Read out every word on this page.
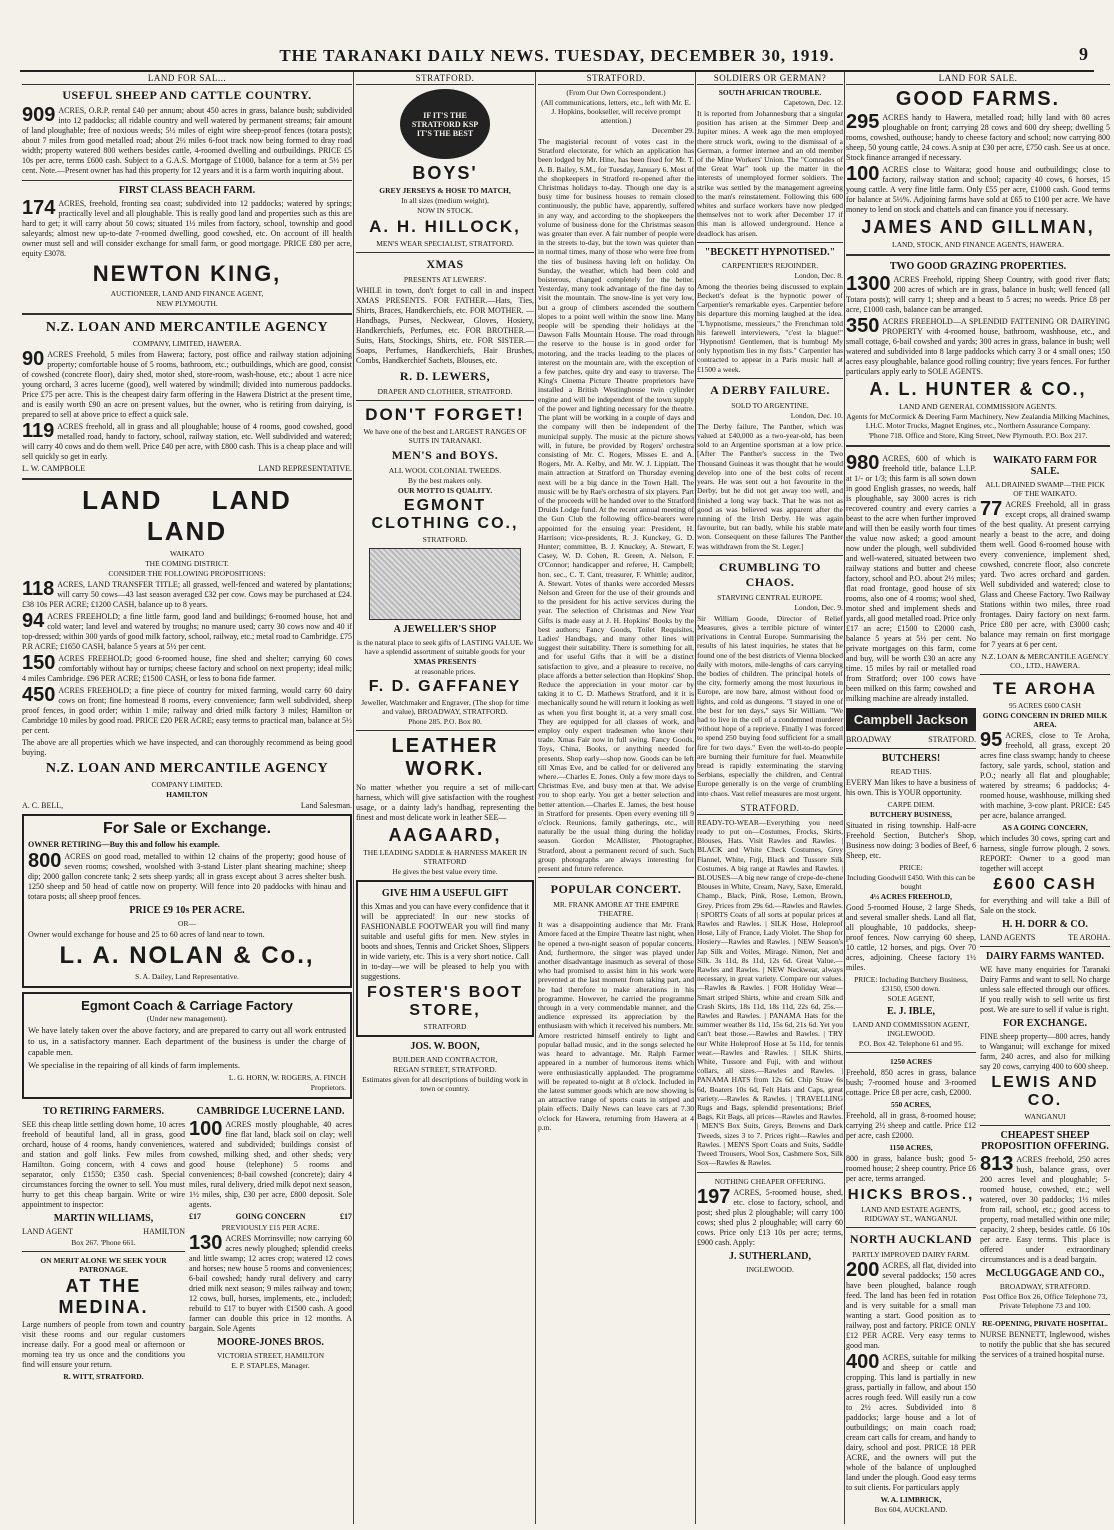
THE TARANAKI DAILY NEWS. TUESDAY, DECEMBER 30, 1919.	9
LAND FOR SAL...
USEFUL SHEEP AND CATTLE COUNTRY.
909 ACRES, O.R.P. rental £40 per annum; about 450 acres in grass, balance bush; subdivided into 12 paddocks; all ridable country and well watered by permanent streams; fair amount of land ploughable; free of noxious weeds; 5½ miles of eight wire sheep-proof fences (totara posts); about 7 miles from good metalled road; about 2½ miles 6-foot track now being formed to dray road width; property watered 800 wethers besides cattle, 4-roomed dwelling and outbuildings. PRICE £5 10s per acre, terms £600 cash. Subject to a G.A.S. Mortgage of £1000, balance for a term at 5½ per cent. Note.—Present owner has had this property for 12 years and it is a farm worth inquiring about.
FIRST CLASS BEACH FARM.
174 ACRES, freehold, fronting sea coast; subdivided into 12 paddocks; watered by springs; practically level and all ploughable. This is really good land and properties such as this are hard to get; it will carry about 50 cows; situated 1½ miles from factory, school, township and good saleyards; almost new up-to-date 7-roomed dwelling, good cowshed, etc. On account of ill health owner must sell and will consider exchange for small farm, or good mortgage. PRICE £80 per acre, equity £3078.
NEWTON KING,
AUCTIONEER, LAND AND FINANCE AGENT,
NEW PLYMOUTH.
N.Z. LOAN AND MERCANTILE AGENCY
COMPANY, LIMITED, HAWERA.
90 ACRES Freehold, 5 miles from Hawera; factory, post office and railway station adjoining property; comfortable house of 5 rooms, bathroom, etc.; outbuildings, which are good, consist of cowshed (concrete floor), dairy shed, motor shed, store-room, wash-house, etc.; about 1 acre nice young orchard, 3 acres lucerne (good), well watered by windmill; divided into numerous paddocks. Price £75 per acre. This is the cheapest dairy farm offering in the Hawera District at the present time, and is easily worth £90 an acre on present values, but the owner, who is retiring from dairying, is prepared to sell at above price to effect a quick sale.
119 ACRES freehold, all in grass and all ploughable; house of 4 rooms, good cowshed, good metalled road, handy to factory, school, railway station, etc. Well subdivided and watered; will carry 40 cows and do them well. Price £40 per acre, with £800 cash. This is a cheap place and will sell quickly so get in early.
L. W. CAMPBOLE	LAND REPRESENTATIVE.
LAND LAND LAND
WAIKATO
THE COMING DISTRICT.
CONSIDER THE FOLLOWING PROPOSITIONS:
118 ACRES, LAND TRANSFER TITLE; all grassed, well-fenced and watered by plantations; will carry 50 cows—43 last season averaged £32 per cow. Cows may be purchased at £24. £38 10s PER ACRE; £1200 CASH, balance up to 8 years.
94 ACRES FREEHOLD; a fine little farm, good land and buildings; 6-roomed house, hot and cold water; land level and watered by troughs; no manure used; carry 30 cows now and 40 if top-dressed; within 300 yards of good milk factory, school, railway, etc.; metal road to Cambridge. £75 P.R ACRE; £1650 CASH, balance 5 years at 5½ per cent.
150 ACRES FREEHOLD; good 6-roomed house, fine shed and shelter; carrying 60 cows comfortably without hay or turnips; cheese factory and school on next property; ideal milk; 4 miles Cambridge. £96 PER ACRE; £1500 CASH, or less to bona fide farmer.
450 ACRES FREEHOLD; a fine piece of country for mixed farming, would carry 60 dairy cows on front; fine homestead 8 rooms, every convenience; farm well subdivided, sheep proof fences, in good order; within 1 mile; railway and dried milk factory 3 miles; Hamilton or Cambridge 10 miles by good road. PRICE £20 PER ACRE; easy terms to practical man, balance at 5½ per cent.
The above are all properties which we have inspected, and can thoroughly recommend as being good buying.
N.Z. LOAN AND MERCANTILE AGENCY
COMPANY LIMITED.
HAMILTON
A. C. BELL,	Land Salesman.
For Sale or Exchange.
OWNER RETIRING—Buy this and follow his example.
800 ACRES on good road, metalled to within 12 chains of the property; good house of seven rooms; cowshed, woolshed with 3-stand Lister plant shearing machine; sheep dip; 2000 gallon concrete tank; 2 sets sheep yards; all in grass except about 3 acres shelter bush. 1250 sheep and 50 head of cattle now on property. Will fence into 20 paddocks with hinau and totara posts; all sheep proof fences.
PRICE £9 10s PER ACRE.
OR—
Owner would exchange for house and 25 to 60 acres of land near to town.
L. A. NOLAN & Co.,
S. A. Dailey, Land Representative.
Egmont Coach & Carriage Factory
(Under new management).
We have lately taken over the above factory, and are prepared to carry out all work entrusted to us, in a satisfactory manner. Each department of the business is under the charge of capable men.
We specialise in the repairing of all kinds of farm implements.
L. G. HORN, W. ROGERS, A. FINCH
Proprietors.
TO RETIRING FARMERS.
SEE this cheap little settling down home, 10 acres freehold of beautiful land, all in grass, good orchard, house of 4 rooms, handy conveniences, and station and golf links. Few miles from Hamilton. Going concern, with 4 cows and separator, only £1550; £350 cash. Special circumstances forcing the owner to sell. You must hurry to get this cheap bargain. Write or wire appointment to inspector:
MARTIN WILLIAMS,
LAND AGENT	HAMILTON
Box 267. 'Phone 661.
ON MERIT ALONE WE SEEK YOUR PATRONAGE.
AT THE MEDINA.
Large numbers of people from town and country visit these rooms and our regular customers increase daily. For a good meal or afternoon or morning tea try us once and the conditions you find will ensure your return.
R. WITT, STRATFORD.
CAMBRIDGE LUCERNE LAND.
100 ACRES mostly ploughable, 40 acres fine flat land, black soil on clay; well watered and subdivided; buildings consist of cowshed, milking shed, and other sheds; very good house (telephone) 5 rooms and conveniences; 8-bail cowshed (concrete); dairy 4 miles, rural delivery, dried milk depot next season, 1½ miles, ship, £30 per acre, £800 deposit. Sole agents.
£17	GOING CONCERN	£17
PREVIOUSLY £15 PER ACRE.
130 ACRES Morrinsville; now carrying 60 acres newly ploughed; splendid creeks and little swamp; 12 acres crop; watered 12 cows and horses; new house 5 rooms and conveniences; 6-bail cowshed; handy rural delivery and carry dried milk next season; 9 miles railway and town; 12 cows, bull, horses, implements, etc., included; rebuild to £17 to buyer with £1500 cash. A good farmer can double this price in 12 months. A bargain. Sole Agents
MOORE-JONES BROS.
VICTORIA STREET, HAMILTON
E. P. STAPLES, Manager.
STRATFORD.
IF IT'S THE STRATFORD KSP IT'S THE BEST
BOYS'
GREY JERSEYS & HOSE TO MATCH,
In all sizes (medium weight),
NOW IN STOCK.
A. H. HILLOCK,
MEN'S WEAR SPECIALIST, STRATFORD.
XMAS
PRESENTS AT LEWERS'.
WHILE in town, don't forget to call in and inspect XMAS PRESENTS. FOR FATHER.—Hats, Ties, Shirts, Braces, Handkerchiefs, etc. FOR MOTHER. — Handbags, Purses, Neckwear, Gloves, Hosiery, Handkerchiefs, Perfumes, etc. FOR BROTHER.—Suits, Hats, Stockings, Shirts, etc. FOR SISTER.—Soaps, Perfumes, Handkerchiefs, Hair Brushes, Combs, Handkerchief Sachets, Blouses, etc.
R. D. LEWERS,
DRAPER AND CLOTHIER, STRATFORD.
DON'T FORGET!
We have one of the best and LARGEST RANGES OF SUITS IN TARANAKI.
MEN'S and BOYS.
ALL WOOL COLONIAL TWEEDS.
By the best makers only.
OUR MOTTO IS QUALITY.
EGMONT CLOTHING CO.,
STRATFORD.
A JEWELLER'S SHOP
is the natural place to seek gifts of LASTING VALUE. We have a splendid assortment of suitable goods for your
XMAS PRESENTS
at reasonable prices.
F. D. GAFFANEY
Jeweller, Watchmaker and Engraver, (The shop for time and value), BROADWAY, STRATFORD.
Phone 285. P.O. Box 80.
LEATHER WORK.
No matter whether you require a set of milk-cart harness, which will give satisfaction with the roughest usage, or a dainty lady's handbag, representing the finest and most delicate work in leather SEE—
AAGAARD,
THE LEADING SADDLE & HARNESS MAKER IN STRATFORD
He gives the best value every time.
GIVE HIM A USEFUL GIFT
this Xmas and you can have every confidence that it will be appreciated! In our new stocks of FASHIONABLE FOOTWEAR you will find many suitable and useful gifts for men. New styles in boots and shoes, Tennis and Cricket Shoes, Slippers in wide variety, etc. This is a very short notice. Call in to-day—we will be pleased to help you with suggestions.
FOSTER'S BOOT STORE,
STRATFORD
JOS. W. BOON,
BUILDER AND CONTRACTOR,
REGAN STREET, STRATFORD.
Estimates given for all descriptions of building work in town or country.
STRATFORD.
(From Our Own Correspondent.)
(All communications, letters, etc., left with Mr. E. J. Hopkins, bookseller, will receive prompt attention.)
December 29.
The magisterial recount of votes cast in the Stratford electorate, for which an application has been lodged by Mr. Hine, has been fixed for Mr. T. A. B. Bailey, S.M., for Tuesday, January 6. Most of the shopkeepers in Stratford re-opened after the Christmas holidays to-day. Though one day is a busy time for business houses to remain closed continuously, the public have, apparently, suffered in any way, and according to the shopkeepers the volume of business done for the Christmas season was greater than ever. A fair number of people were in the streets to-day, but the town was quieter than in normal times, many of those who were free from the ties of business having left on holiday. On Sunday, the weather, which had been cold and boisterous, changed completely for the better. Yesterday, many took advantage of the fine day to visit the mountain. The snow-line is yet very low, but a group of climbers ascended the southern slopes to a point well within the snow line. Many people will be spending their holidays at the Dawson Falls Mountain House. The road through the reserve to the house is in good order for motoring, and the tracks leading to the places of interest on the mountain are, with the exception of a few patches, quite dry and easy to traverse. The King's Cinema Picture Theatre proprietors have installed a British Westinghouse twin cylinder engine and will be independent of the town supply of the power and lighting necessary for the theatre. The plant will be working in a couple of days and the company will then be independent of the municipal supply. The music at the picture shows will, in future, be provided by Rogers' orchestra consisting of Mr. C. Rogers, Misses E. and A. Rogers, Mr. A. Kelby, and Mr. W. J. Lippiatt. The main attraction at Stratford on Thursday evening next will be a big dance in the Town Hall. The music will be by Rae's orchestra of six players. Part of the proceeds will be handed over to the Stratford Druids Lodge fund. At the recent annual meeting of the Gun Club the following office-bearers were appointed for the ensuing year: President, H. Harrison; vice-presidents, R. J. Kunckey, G. D. Hunter; committee, B. J. Knuckey, A. Stewart, F. Casey, W. D. Cohen, R. Green, A. Nelson, F. O'Connor; handicapper and referee, H. Campbell; hon. sec., C. T. Cant, treasurer, F. Whittle; auditor, A. Stewart. Votes of thanks were accorded Messrs Nelson and Green for the use of their grounds and to the president for his active services during the year. The selection of Christmas and New Year Gifts is made easy at J. H. Hopkins' Books by the best authors; Fancy Goods, Toilet Requisites, Ladies' Handbags, and many other lines will suggest their suitability. There is something for all, and for useful Gifts that it will be a distinct satisfaction to give, and a pleasure to receive, no place affords a better selection than Hopkins' Shop. Reduce the appreciation in your motor car by taking it to C. D. Mathews Stratford, and it it is mechanically sound he will return it looking as well as when you first bought it, at a very small cost. They are equipped for all classes of work, and employ only expert tradesmen who know their trade. Xmas Fair now in full swing. Fancy Goods, Toys, China, Books, or anything needed for presents. Shop early—shop now. Goods can be left till Xmas Eve, and be called for or delivered any where.—Charles E. Jones. Only a few more days to Christmas Eve, and busy men at that. We advise you to shop early. You get a better selection and better attention.—Charles E. James, the best house in Stratford for presents. Open every evening till 9 o'clock. Reunions, family gatherings, etc., will naturally be the usual thing during the holiday season. Gordon McAllister, Photographer, Stratford, about a permanent record of such. Such group photographs are always interesting for present and future reference.
POPULAR CONCERT.
MR. FRANK AMORE AT THE EMPIRE THEATRE.
It was a disappointing audience that Mr. Frank Amore faced at the Empire Theatre last night, when he opened a two-night season of popular concerts. And, furthermore, the singer was played under another disadvantage inasmuch as several of those who had promised to assist him in his work were prevented at the last moment from taking part, and he had therefore to make alterations in his programme. However, he carried the programme through in a very commendable manner, and the audience expressed its appreciation by the enthusiasm with which it received his numbers. Mr. Amore restricted himself entirely to light and popular ballad music, and in the songs selected he was heard to advantage. Mr. Ralph Farmer appeared in a number of humorous items which were enthusiastically applauded. The programme will be repeated to-night at 8 o'clock. Included in the latest summer goods which are now showing is an attractive range of sports coats in striped and plain effects. Daily News can leave cars at 7.30 o'clock for Hawera, returning from Hawera at 4 p.m.
SOLDIERS OR GERMAN?
SOUTH AFRICAN TROUBLE.
Capetown, Dec. 12.
It is reported from Johannesburg that a singular position has arisen at the Simmer Deep and Jupiter mines. A week ago the men employed there struck work, owing to the dismissal of a German, a former internee and an old member of the Mine Workers' Union. The "Comrades of the Great War" took up the matter in the interests of unemployed former soldiers. The strike was settled by the management agreeing to the man's reinstatement. Following this 600 whites and surface workers have now pledged themselves not to work after December 17 if this man is allowed underground. Hence a deadlock has arisen.
"BECKETT HYPNOTISED."
CARPENTIER'S REJOINDER.
London, Dec. 8.
Among the theories being discussed to explain Beckett's defeat is the hypnotic power of Carpentier's remarkable eyes. Carpentier before his departure this morning laughed at the idea. "L'hypnotisme, messieurs," the Frenchman told his farewell interviewers, "c'est la blague!" "Hypnotism! Gentlemen, that is humbug! My only hypnotism lies in my fists." Carpentier has contracted to appear in a Paris music hall at £1500 a week.
A DERBY FAILURE.
SOLD TO ARGENTINE.
London, Dec. 10.
The Derby failure, The Panther, which was valued at £40,000 as a two-year-old, has been sold to an Argentine sportsman at a low price. [After The Panther's success in the Two Thousand Guineas it was thought that he would develop into one of the best colts of recent years. He was sent out a hot favourite in the Derby, but he did not get away too well, and finished a long way back. That he was not as good as was believed was apparent after the running of the Irish Derby. He was again favourite, but ran badly, while his stable mate won. Consequent on these failures The Panther was withdrawn from the St. Leger.]
CRUMBLING TO CHAOS.
STARVING CENTRAL EUROPE.
London, Dec. 9.
Sir William Goode, Director of Relief Measures, gives a terrible picture of winter privations in Central Europe. Summarising the results of his latest inquiries, he states that he found one of the best districts of Vienna blocked daily with motors, mile-lengths of cars carrying the bodies of children. The principal hotels of the city, formerly among the most luxurious in Europe, are now bare, almost without food or lights, and cold as dungeons. "I stayed in one of the best for ten days," says Sir William. "We had to live in the cell of a condemned murderer without hope of a reprieve. Finally I was forced to spend 250 buying food sufficient for a small fire for two days." Even the well-to-do people are burning their furniture for fuel. Meanwhile bread is rapidly exterminating the starving Serbians, especially the children, and Central Europe generally is on the verge of crumbling into chaos. Vast relief measures are most urgent.
STRATFORD.
READY-TO-WEAR—Everything you need ready to put on—Costumes, Frocks, Skirts, Blouses, Hats. Visit Rawles and Rawles. | BLACK and White Check Costumes, Grey Flannel, White, Fuji, Black and Tussore Silk Costumes. A big range at Rawles and Rawles. | BLOUSES—A big new range of crepe-de-chene Blouses in White, Cream, Navy, Saxe, Emerald, Champ., Black, Pink, Rose, Lemon, Brown, Grey. Prices from 29s 6d.—Rawles and Rawles. | SPORTS Coats of all sorts at popular prices at Rawles and Rawles. | SILK Hose, Holeproof Hose, Lily of France, Lady Violet. The Shop for Hosiery—Rawles and Rawles. | NEW Season's Jap Silk and Voiles, Mirage. Nimon, Net and Silk. 3s 11d, 8s 11d, 12s 6d. Great Value.—Rawles and Rawles. | NEW Neckwear, always necessary, in great variety. Compare our values.—Rawles & Rawles. | FOR Holiday Wear—Smart striped Shirts, white and cream Silk and Crash Skirts, 18s 11d, 18s 11d, 22s 6d, 25s.—Rawles and Rawles. | PANAMA Hats for the summer weather 8s 11d, 15s 6d, 21s 6d. Yet you can't beat those.—Rawles and Rawles. | TRY our White Holeproof Hose at 5s 11d, for tennis wear.—Rawles and Rawles. | SILK Shirts, White, Tussore and Fuji, with and without collars, all sizes.—Rawles and Rawles. | PANAMA HATS from 12s 6d. Chip Straw 6s 6d, Boaters 10s 6d, Felt Hats and Caps, great variety.—Rawles & Rawles. | TRAVELLING Rugs and Bags, splendid presentations; Brief Bags, Kit Bags, all prices—Rawles and Rawles. | MEN'S Box Suits, Greys, Browns and Dark Tweeds, sizes 3 to 7. Prices right—Rawles and Rawles. | MEN'S Sport Coats and Suits, Saddle Tweed Trousers, Wool Sox, Cashmere Sox, Silk Sox—Rawles & Rawles.
NOTHING CHEAPER OFFERING.
197 ACRES, 5-roomed house, shed, etc. close to factory, school, and post; shed plus 2 ploughable; will carry 100 cows; shed plus 2 ploughable; will carry 60 cows. Price only £13 10s per acre; terms, £900 cash. Apply:
J. SUTHERLAND,
INGLEWOOD.
LAND FOR SALE.
GOOD FARMS.
295 ACRES handy to Hawera, metalled road; hilly land with 80 acres ploughable on front; carrying 28 cows and 600 dry sheep; dwelling 5 rooms, cowshed, outhouse; handy to cheese factory and school; now carrying 800 sheep, 50 young cattle, 24 cows. A snip at £30 per acre, £750 cash. See us at once. Stock finance arranged if necessary.
100 ACRES close to Waitara; good house and outbuildings; close to factory, railway station and school; capacity 40 cows, 6 horses, 15 young cattle. A very fine little farm. Only £55 per acre, £1000 cash. Good terms for balance at 5½%. Adjoining farms have sold at £65 to £100 per acre. We have money to lend on stock and chattels and can finance you if necessary.
JAMES AND GILLMAN,
LAND, STOCK, AND FINANCE AGENTS, HAWERA.
TWO GOOD GRAZING PROPERTIES.
1300 ACRES Freehold, ripping Sheep Country, with good river flats; 200 acres of which are in grass, balance in bush; well fenced (all Totara posts); will carry 1; sheep and a beast to 5 acres; no weeds. Price £8 per acre, £1000 cash, balance can be arranged.
350 ACRES FREEHOLD—A SPLENDID FATTENING OR DAIRYING PROPERTY with 4-roomed house, bathroom, washhouse, etc., and small cottage, 6-bail cowshed and yards; 300 acres in grass, balance in bush; well watered and subdivided into 8 large paddocks which carry 3 or 4 small ones; 150 acres easy ploughable, balance good rolling country; five years fences. For further particulars apply early to SOLE AGENTS.
A. L. HUNTER & CO.,
LAND AND GENERAL COMMISSION AGENTS.
Agents for McCormick & Deering Farm Machinery, New Zealandia Milking Machines, I.H.C. Motor Trucks, Magnet Engines, etc., Northern Assurance Company.
'Phone 718. Office and Store, King Street, New Plymouth. P.O. Box 217.
980 ACRES, 600 of which is freehold title, balance L.I.P. at 1/- or 1/3; this farm is all sown down in good English grasses, no weeds, half is ploughable, say 3000 acres is rich recovered country and every carries a beast to the acre when further improved and will then be easily worth four times the value now asked; a good amount now under the plough, well subdivided and well-watered, situated between two railway stations and butter and cheese factory, school and P.O. about 2½ miles; flat road frontage, good house of six rooms, also one of 4 rooms; wool shed, motor shed and implement sheds and yards, all good metalled road. Price only £17 an acre; £1500 to £2000 cash, balance 5 years at 5½ per cent. No private mortgages on this farm, come and buy, will be worth £30 an acre any time. 15 miles by rail or metalled road from Stratford; over 100 cows have been milked on this farm; cowshed and milking machine are already installed.
Campbell Jackson
BROADWAY	STRATFORD.
BUTCHERS!
READ THIS.
EVERY Man likes to have a business of his own. This is YOUR opportunity.
CARPE DIEM.
BUTCHERY BUSINESS,
Situated in rising township. Half-acre Freehold Section, Butcher's Shop, Business now doing: 3 bodies of Beef, 6 Sheep, etc.
PRICE:
Including Goodwill £450. With this can be bought
4½ ACRES FREEHOLD,
Good 5-roomed House, 2 large Sheds, and several smaller sheds. Land all flat, all ploughable, 10 paddocks, sheep-proof fences. Now carrying 60 sheep, 10 cattle, 12 horses, and pigs. Over 70 acres, adjoining. Cheese factory 1½ miles.
PRICE: Including Butchery Business, £3150, £500 down.
SOLE AGENT,
E. J. IBLE,
LAND AND COMMISSION AGENT, INGLEWOOD.
P.O. Box 42. Telephone 61 and 95.
1250 ACRES
Freehold, 850 acres in grass, balance bush; 7-roomed house and 3-roomed cottage. Price £8 per acre, cash, £2000.
550 ACRES,
Freehold, all in grass, 8-roomed house; carrying 2½ sheep and cattle. Price £12 per acre, cash £2000.
1150 ACRES,
800 in grass, balance bush; good 5-roomed house; 2 sheep country. Price £6 per acre, terms arranged.
HICKS BROS.,
LAND AND ESTATE AGENTS, RIDGWAY ST., WANGANUI.
NORTH AUCKLAND
PARTLY IMPROVED DAIRY FARM.
200 ACRES, all flat, divided into several paddocks; 150 acres have been ploughed, balance rough feed. The land has been fed in rotation and is very suitable for a small man wanting a start. Good position as to railway, post and factory. PRICE ONLY £12 PER ACRE. Very easy terms to good man.
400 ACRES, suitable for milking and sheep or cattle and cropping. This land is partially in new grass, partially in fallow, and about 150 acres rough feed. Will easily run a cow to 2½ acres. Subdivided into 8 paddocks; large house and a lot of outbuildings; on main coach road; cream cart calls for cream, and handy to dairy, school and post. PRICE 18 PER ACRE, and the owners will put the whole of the balance of unploughed land under the plough. Good easy terms to suit clients. For particulars apply
W. A. LIMBRICK,
Box 604, AUCKLAND.
WAIKATO FARM FOR SALE.
ALL DRAINED SWAMP—THE PICK OF THE WAIKATO.
77 ACRES Freehold, all in grass except crops, all drained swamp of the best quality. At present carrying nearly a beast to the acre, and doing them well. Good 6-roomed house with every convenience, implement shed, cowshed, concrete floor, also concrete yard. Two acres orchard and garden. Well subdivided and watered; close to Glass and Cheese Factory. Two Railway Stations within two miles, three road frontages. Dairy factory on next farm. Price £80 per acre, with £3000 cash; balance may remain on first mortgage for 7 years at 6 per cent.
N.Z. LOAN & MERCANTILE AGENCY CO., LTD., HAWERA.
TE AROHA
95 ACRES £600 CASH
GOING CONCERN IN DRIED MILK AREA.
95 ACRES, close to Te Aroha, freehold, all grass, except 20 acres fine class swamp; handy to cheese factory, sale yards, school, station and P.O.; nearly all flat and ploughable; watered by streams; 6 paddocks; 4-roomed house, washhouse, milking shed with machine, 3-cow plant. PRICE: £45 per acre, balance arranged.
AS A GOING CONCERN,
which includes 30 cows, spring cart and harness, single furrow plough, 2 sows. REPORT: Owner to a good man together will accept
£600 CASH
for everything and will take a Bill of Sale on the stock.
H. H. DORR & CO.
LAND AGENTS	TE AROHA.
DAIRY FARMS WANTED.
WE have many enquiries for Taranaki Dairy Farms and want to sell. No charge unless sale effected through our offices. If you really wish to sell write us first post. We are sure to sell if value is right.
FOR EXCHANGE.
FINE sheep property—800 acres, handy to Wanganui; will exchange for mixed farm, 240 acres, and also for milking say 20 cows, carrying 400 to 600 sheep.
LEWIS AND CO.
WANGANUI
CHEAPEST SHEEP PROPOSITION OFFERING.
813 ACRES freehold, 250 acres bush, balance grass, over 200 acres level and ploughable; 5-roomed house, cowshed, etc.; well watered, over 30 paddocks; 1½ miles from rail, school, etc.; good access to property, road metalled within one mile; capacity, 2 sheep, besides cattle. £6 10s per acre. Easy terms. This place is offered under extraordinary circumstances and is a dead bargain.
McCLUGGAGE AND CO.,
BROADWAY, STRATFORD.
Post Office Box 26, Office Telephone 73, Private Telephone 73 and 100.
RE-OPENING, PRIVATE HOSPITAL.
NURSE BENNETT, Inglewood, wishes to notify the public that she has secured the services of a trained hospital nurse.
